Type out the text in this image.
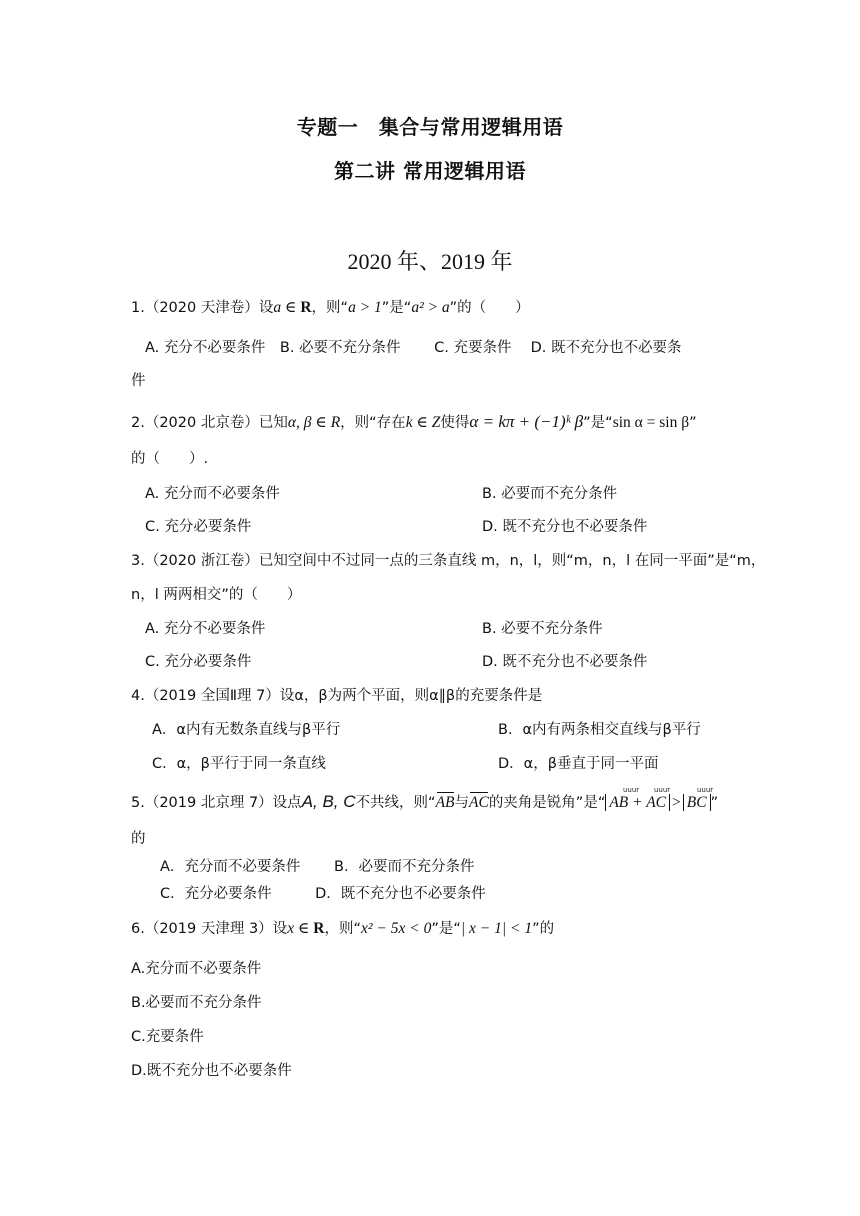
专题一　集合与常用逻辑用语
第二讲 常用逻辑用语
2020 年、2019 年
1.（2020 天津卷）设a ∈ R，则“a > 1”是“a² > a”的（　　）
A. 充分不必要条件　B. 必要不充分条件　　 C. 充要条件　 D. 既不充分也不必要条
件
2.（2020 北京卷）已知α, β ∈ R，则“存在k ∈ Z使得α = kπ + (−1)ᵏ β”是“sin α = sin β”
的（　　）.
A. 充分而不必要条件	B. 必要而不充分条件
C. 充分必要条件	D. 既不充分也不必要条件
3.（2020 浙江卷）已知空间中不过同一点的三条直线 m，n，l，则“m，n，l 在同一平面”是“m，
n，l 两两相交”的（　　）
A. 充分不必要条件	B. 必要不充分条件
C. 充分必要条件	D. 既不充分也不必要条件
4.（2019 全国Ⅱ理 7）设α，β为两个平面，则α∥β的充要条件是
A．α内有无数条直线与β平行	B．α内有两条相交直线与β平行
C．α，β平行于同一条直线	D．α，β垂直于同一平面
uuur uuur	uuur
5.（2019 北京理 7）设点A, B, C不共线，则“AB与AC的夹角是锐角”是“ AB + AC > BC ”
的
A．充分而不必要条件　　 B．必要而不充分条件
C．充分必要条件　　　D．既不充分也不必要条件
6.（2019 天津理 3）设x ∈ R，则“x² − 5x < 0”是“| x − 1| < 1”的
A.充分而不必要条件
B.必要而不充分条件
C.充要条件
D.既不充分也不必要条件
